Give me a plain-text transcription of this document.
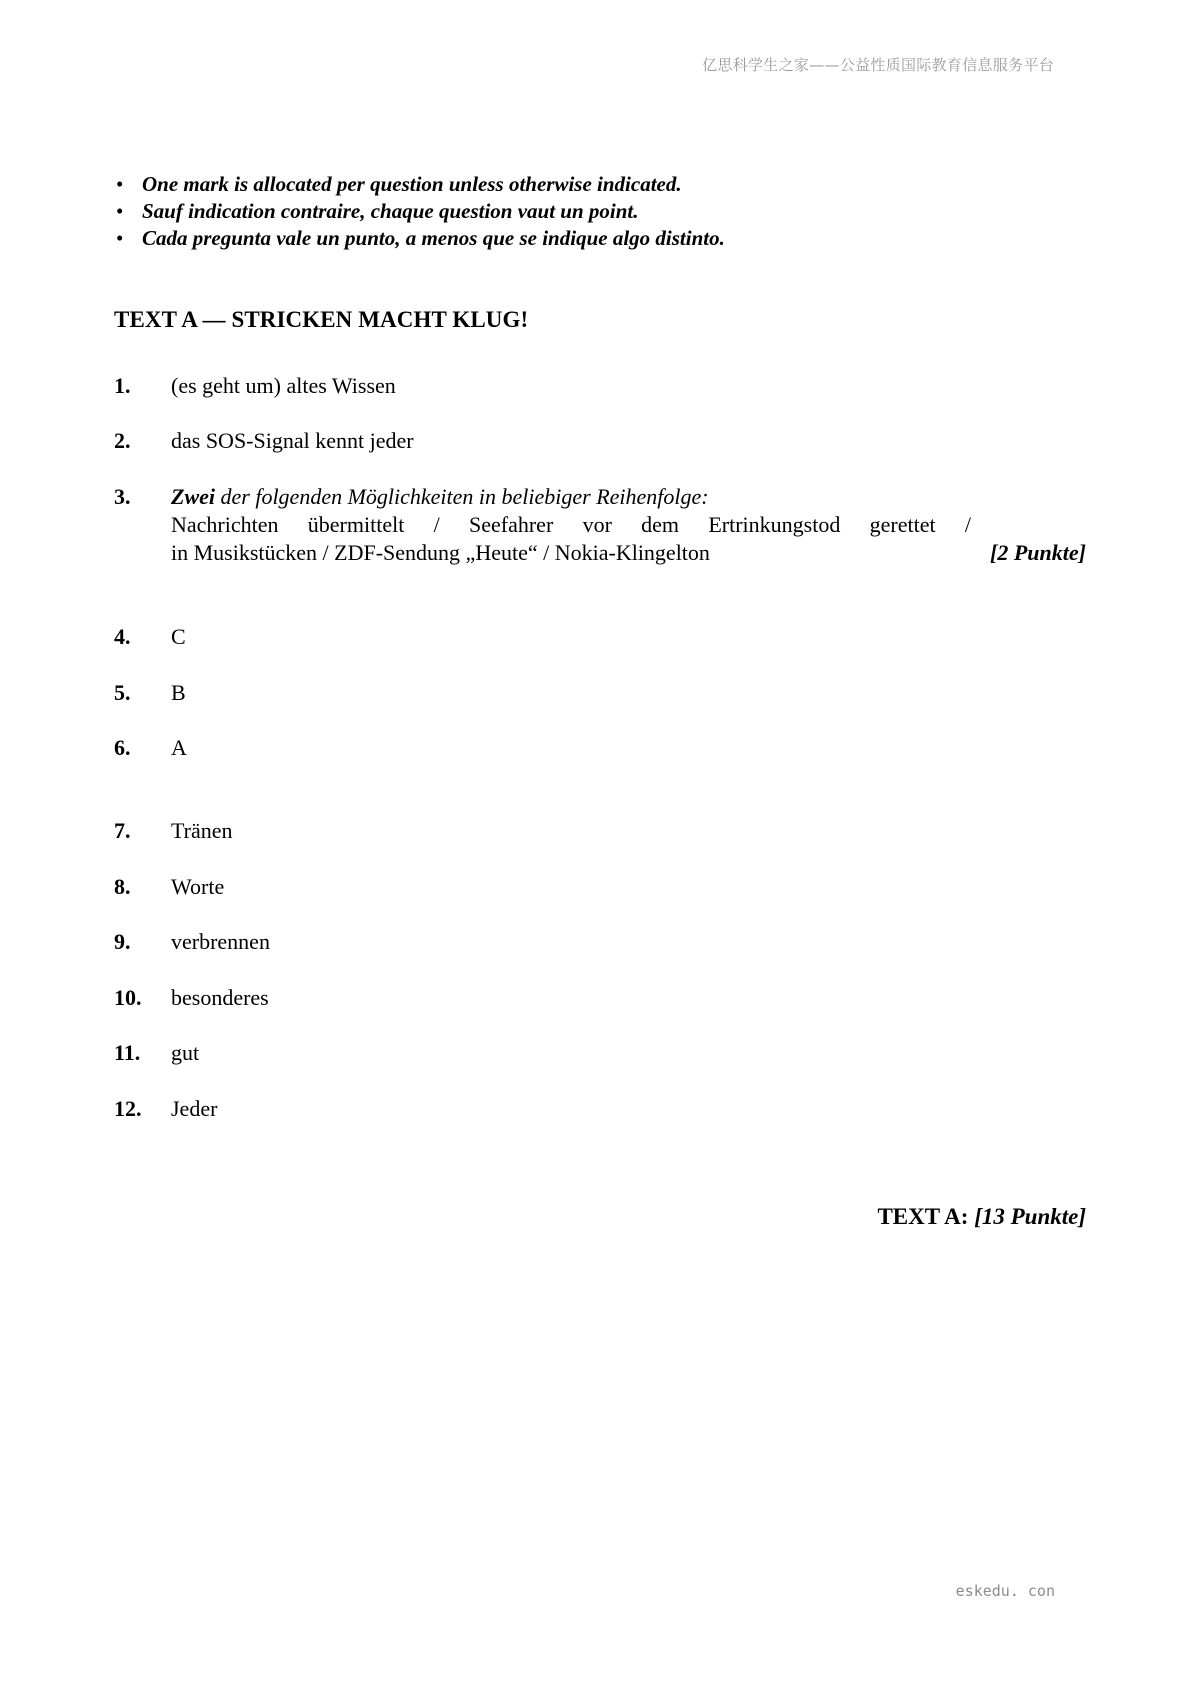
亿思科学生之家——公益性质国际教育信息服务平台
• One mark is allocated per question unless otherwise indicated.
• Sauf indication contraire, chaque question vaut un point.
• Cada pregunta vale un punto, a menos que se indique algo distinto.
TEXT A — STRICKEN MACHT KLUG!
1. (es geht um) altes Wissen
2. das SOS-Signal kennt jeder
3. Zwei der folgenden Möglichkeiten in beliebiger Reihenfolge:
Nachrichten übermittelt / Seefahrer vor dem Ertrinkungstod gerettet /
in Musikstücken / ZDF-Sendung „Heute“ / Nokia-Klingelton	[2 Punkte]
4. C
5. B
6. A
7. Tränen
8. Worte
9. verbrennen
10. besonderes
11. gut
12. Jeder
TEXT A: [13 Punkte]
eskedu. con
